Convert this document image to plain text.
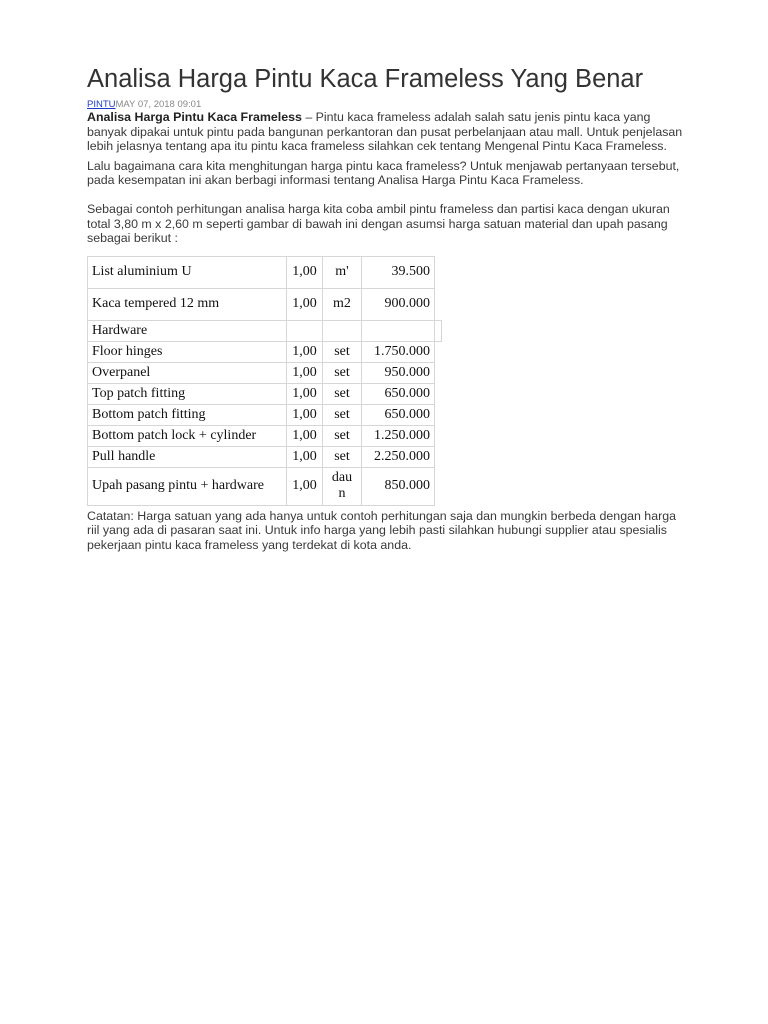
Analisa Harga Pintu Kaca Frameless Yang Benar
PINTUMAY 07, 2018 09:01

Analisa Harga Pintu Kaca Frameless – Pintu kaca frameless adalah salah satu jenis pintu kaca yang banyak dipakai untuk pintu pada bangunan perkantoran dan pusat perbelanjaan atau mall. Untuk penjelasan lebih jelasnya tentang apa itu pintu kaca frameless silahkan cek tentang Mengenal Pintu Kaca Frameless.

Lalu bagaimana cara kita menghitungan harga pintu kaca frameless? Untuk menjawab pertanyaan tersebut, pada kesempatan ini akan berbagi informasi tentang Analisa Harga Pintu Kaca Frameless.

Sebagai contoh perhitungan analisa harga kita coba ambil pintu frameless dan partisi kaca dengan ukuran total 3,80 m x 2,60 m seperti gambar di bawah ini dengan asumsi harga satuan material dan upah pasang sebagai berikut :

List aluminium U	1,00	m'	39.500	
Kaca tempered 12 mm	1,00	m2	900.000	
Hardware				
Floor hinges	1,00	set	1.750.000	
Overpanel	1,00	set	950.000	
Top patch fitting	1,00	set	650.000	
Bottom patch fitting	1,00	set	650.000	
Bottom patch lock + cylinder	1,00	set	1.250.000	
Pull handle	1,00	set	2.250.000	
Upah pasang pintu + hardware	1,00	dau n	850.000	

Catatan: Harga satuan yang ada hanya untuk contoh perhitungan saja dan mungkin berbeda dengan harga riil yang ada di pasaran saat ini. Untuk info harga yang lebih pasti silahkan hubungi supplier atau spesialis pekerjaan pintu kaca frameless yang terdekat di kota anda.
